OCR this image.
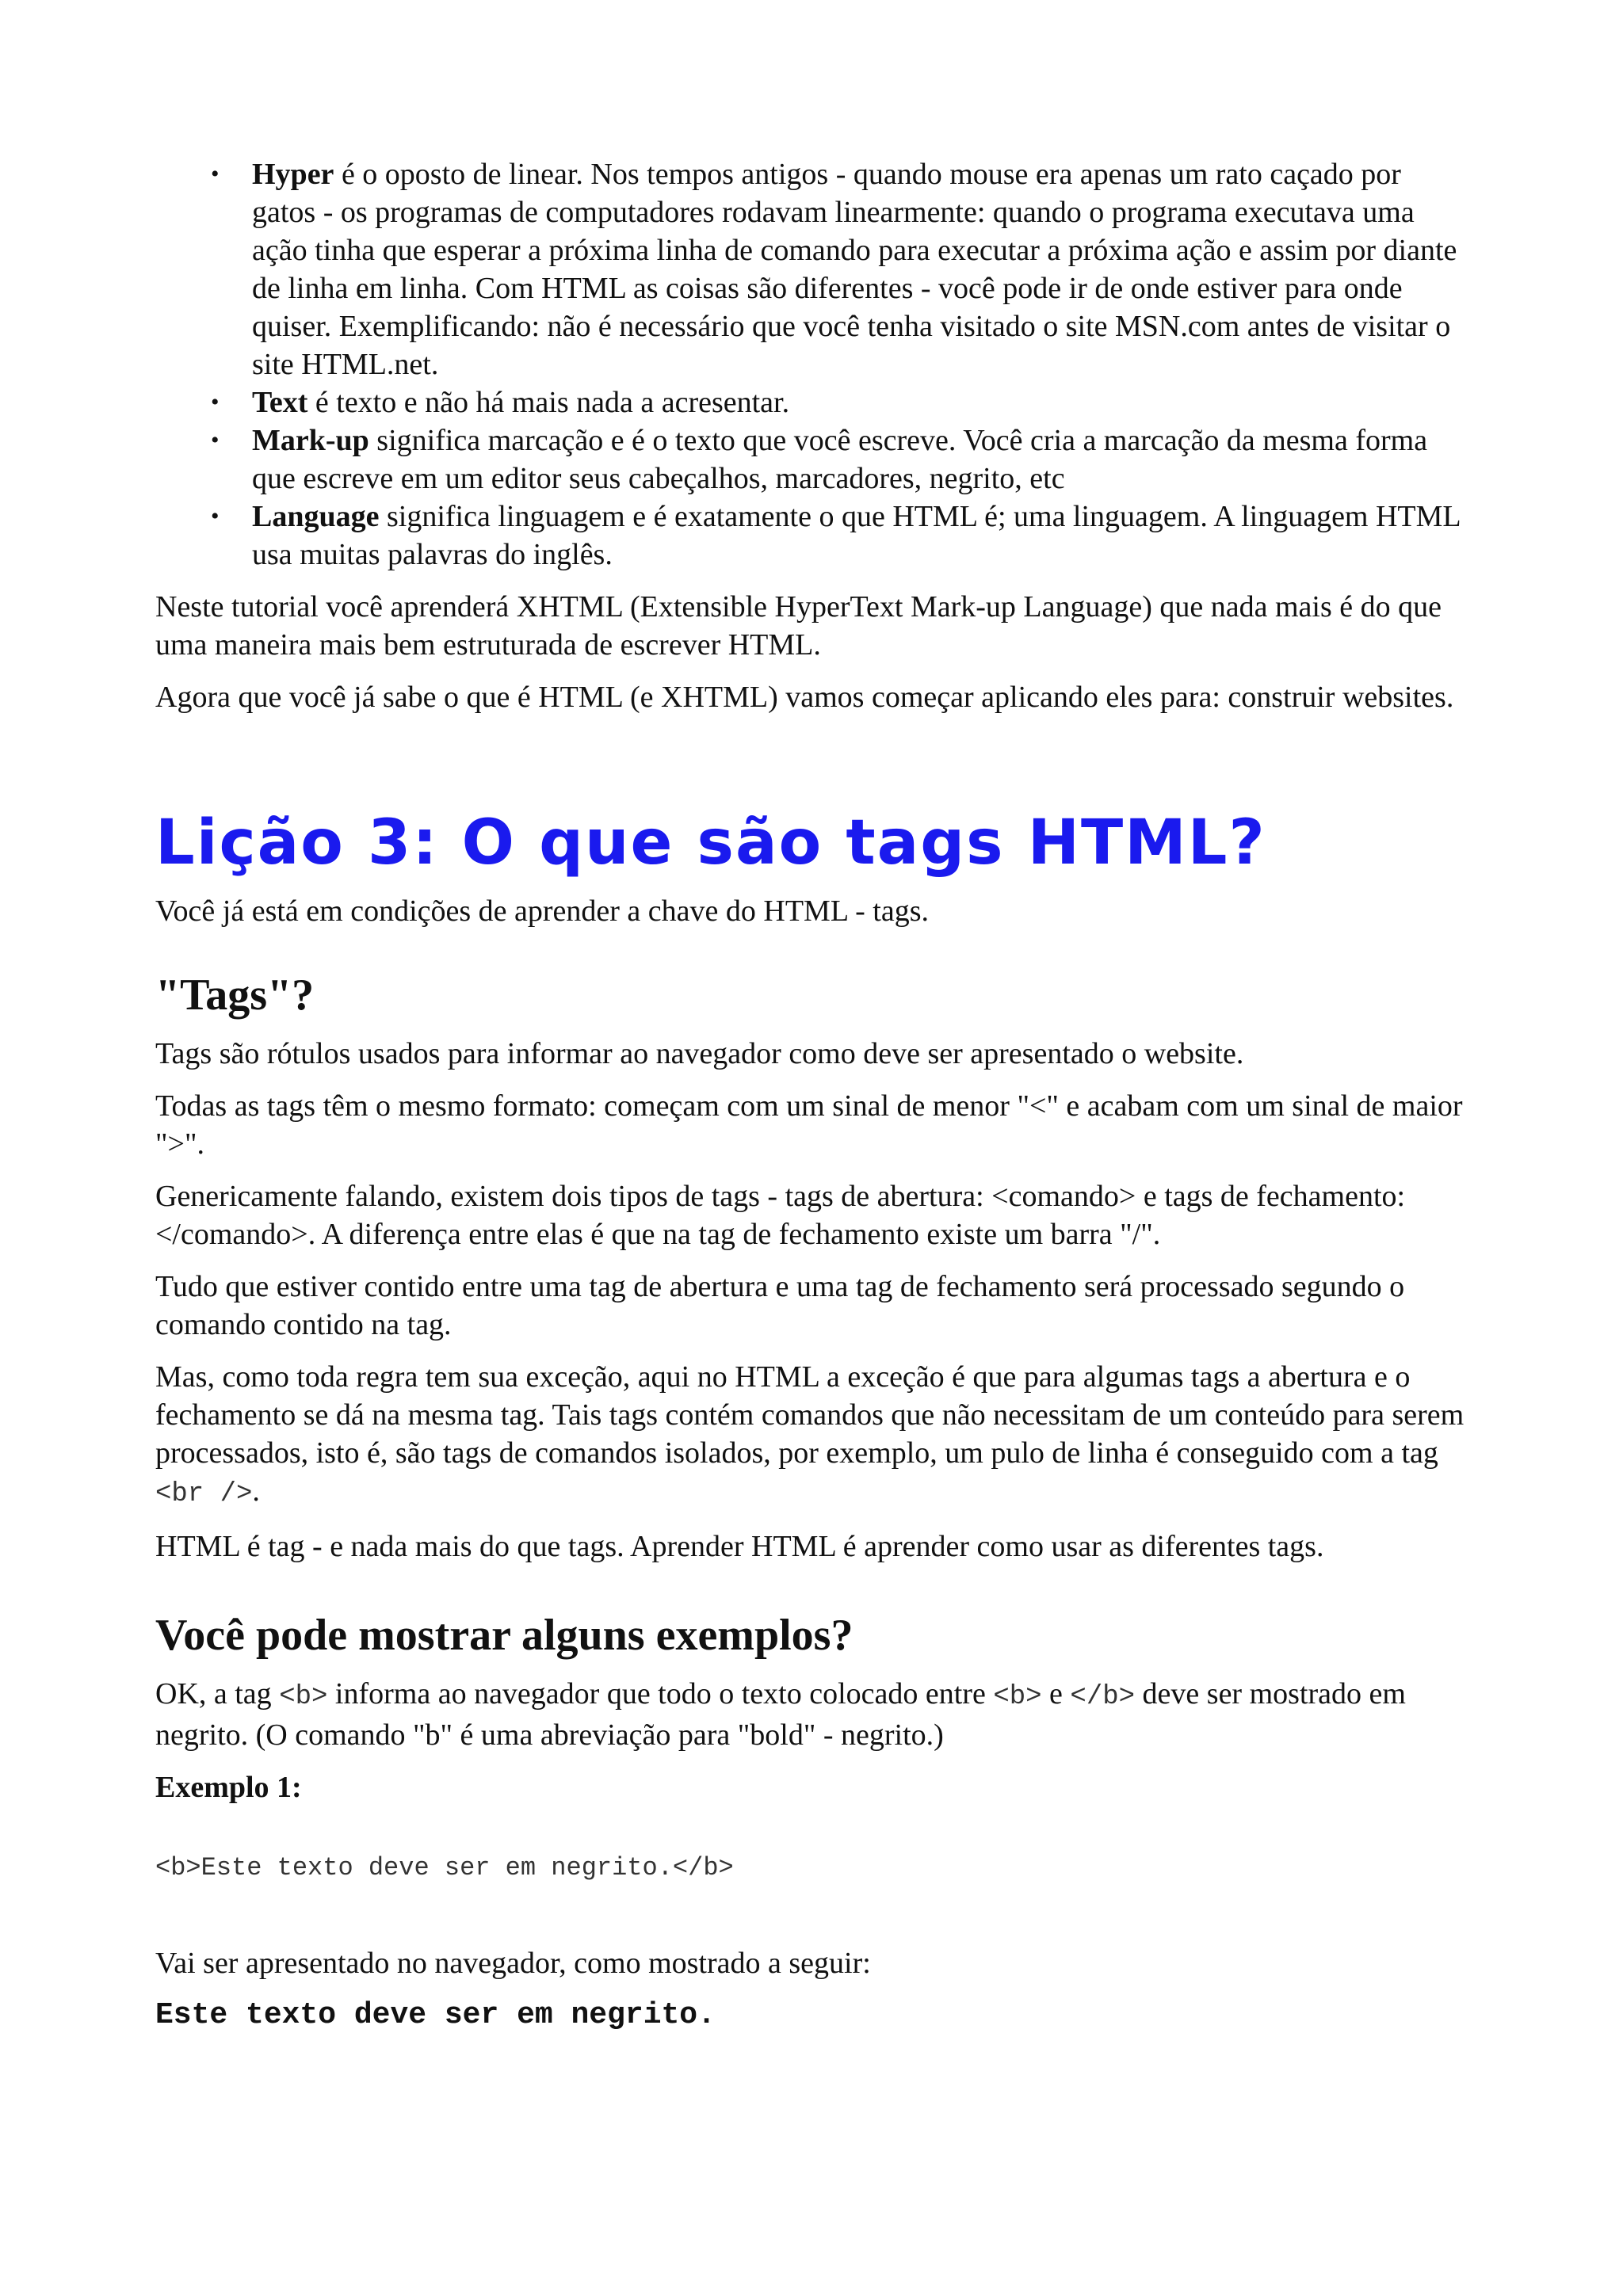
• Hyper é o oposto de linear. Nos tempos antigos - quando mouse era apenas um rato caçado por gatos - os programas de computadores rodavam linearmente: quando o programa executava uma ação tinha que esperar a próxima linha de comando para executar a próxima ação e assim por diante de linha em linha. Com HTML as coisas são diferentes - você pode ir de onde estiver para onde quiser. Exemplificando: não é necessário que você tenha visitado o site MSN.com antes de visitar o site HTML.net.
• Text é texto e não há mais nada a acresentar.
• Mark-up significa marcação e é o texto que você escreve. Você cria a marcação da mesma forma que escreve em um editor seus cabeçalhos, marcadores, negrito, etc
• Language significa linguagem e é exatamente o que HTML é; uma linguagem. A linguagem HTML usa muitas palavras do inglês.

Neste tutorial você aprenderá XHTML (Extensible HyperText Mark-up Language) que nada mais é do que uma maneira mais bem estruturada de escrever HTML.

Agora que você já sabe o que é HTML (e XHTML) vamos começar aplicando eles para: construir websites.

Lição 3: O que são tags HTML?

Você já está em condições de aprender a chave do HTML - tags.

"Tags"?

Tags são rótulos usados para informar ao navegador como deve ser apresentado o website.

Todas as tags têm o mesmo formato: começam com um sinal de menor "<" e acabam com um sinal de maior ">".

Genericamente falando, existem dois tipos de tags - tags de abertura: <comando> e tags de fechamento: </comando>. A diferença entre elas é que na tag de fechamento existe um barra "/".

Tudo que estiver contido entre uma tag de abertura e uma tag de fechamento será processado segundo o comando contido na tag.

Mas, como toda regra tem sua exceção, aqui no HTML a exceção é que para algumas tags a abertura e o fechamento se dá na mesma tag. Tais tags contém comandos que não necessitam de um conteúdo para serem processados, isto é, são tags de comandos isolados, por exemplo, um pulo de linha é conseguido com a tag <br />.

HTML é tag - e nada mais do que tags. Aprender HTML é aprender como usar as diferentes tags.

Você pode mostrar alguns exemplos?

OK, a tag <b> informa ao navegador que todo o texto colocado entre <b> e </b> deve ser mostrado em negrito. (O comando "b" é uma abreviação para "bold" - negrito.)

Exemplo 1:

<b>Este texto deve ser em negrito.</b>

Vai ser apresentado no navegador, como mostrado a seguir:

Este texto deve ser em negrito.
